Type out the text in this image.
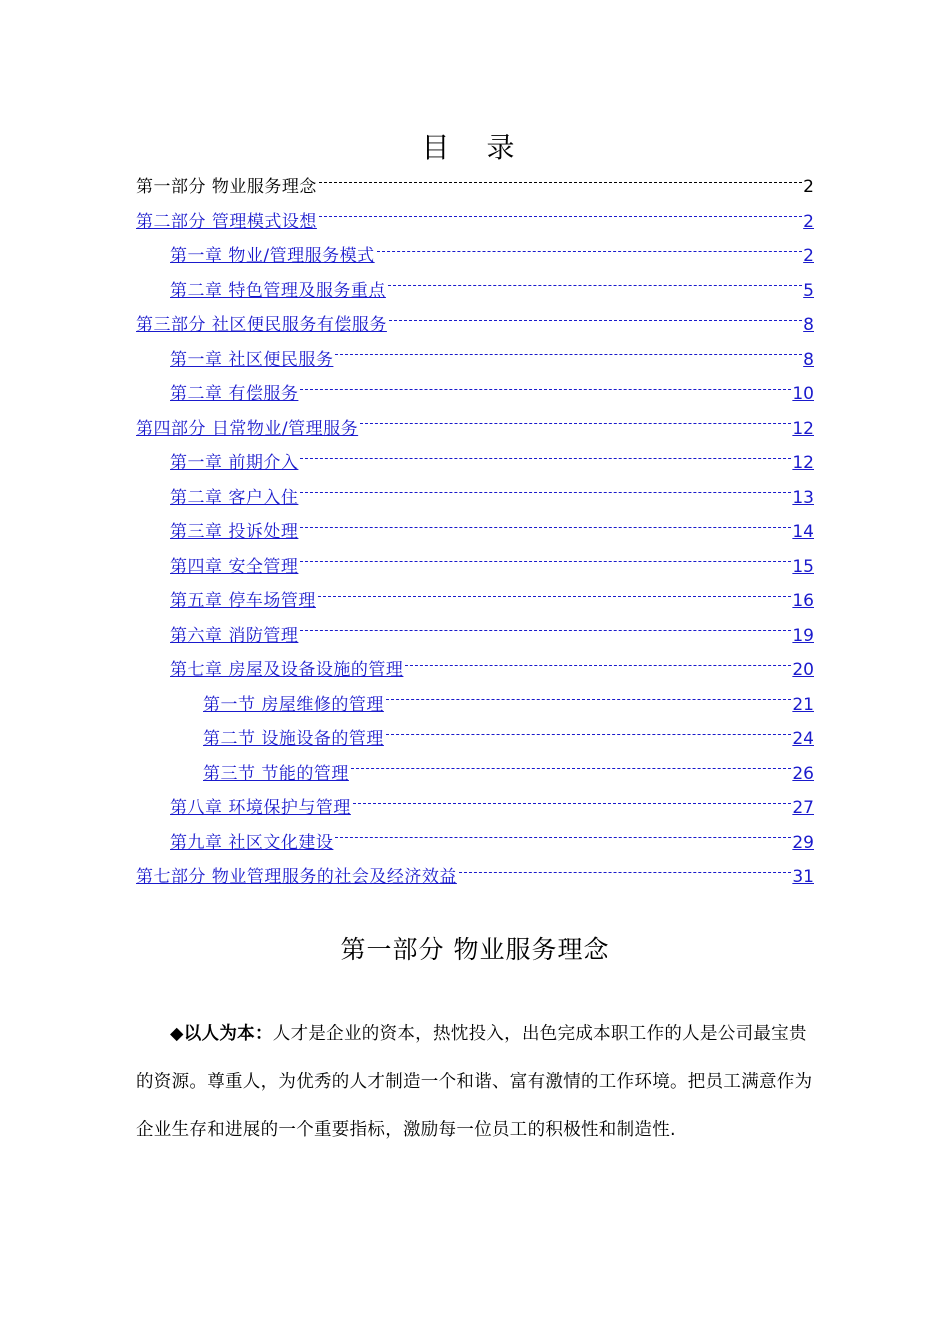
目 录
第一部分 物业服务理念	2
第二部分 管理模式设想	2
第一章 物业/管理服务模式	2
第二章 特色管理及服务重点	5
第三部分 社区便民服务有偿服务	8
第一章 社区便民服务	8
第二章 有偿服务	10
第四部分 日常物业/管理服务	12
第一章 前期介入	12
第二章 客户入住	13
第三章 投诉处理	14
第四章 安全管理	15
第五章 停车场管理	16
第六章 消防管理	19
第七章 房屋及设备设施的管理	20
第一节 房屋维修的管理	21
第二节 设施设备的管理	24
第三节 节能的管理	26
第八章 环境保护与管理	27
第九章 社区文化建设	29
第七部分 物业管理服务的社会及经济效益	31
第一部分 物业服务理念
◆以人为本：人才是企业的资本，热忱投入，出色完成本职工作的人是公司最宝贵的资源。尊重人，为优秀的人才制造一个和谐、富有激情的工作环境。把员工满意作为企业生存和进展的一个重要指标，激励每一位员工的积极性和制造性.
